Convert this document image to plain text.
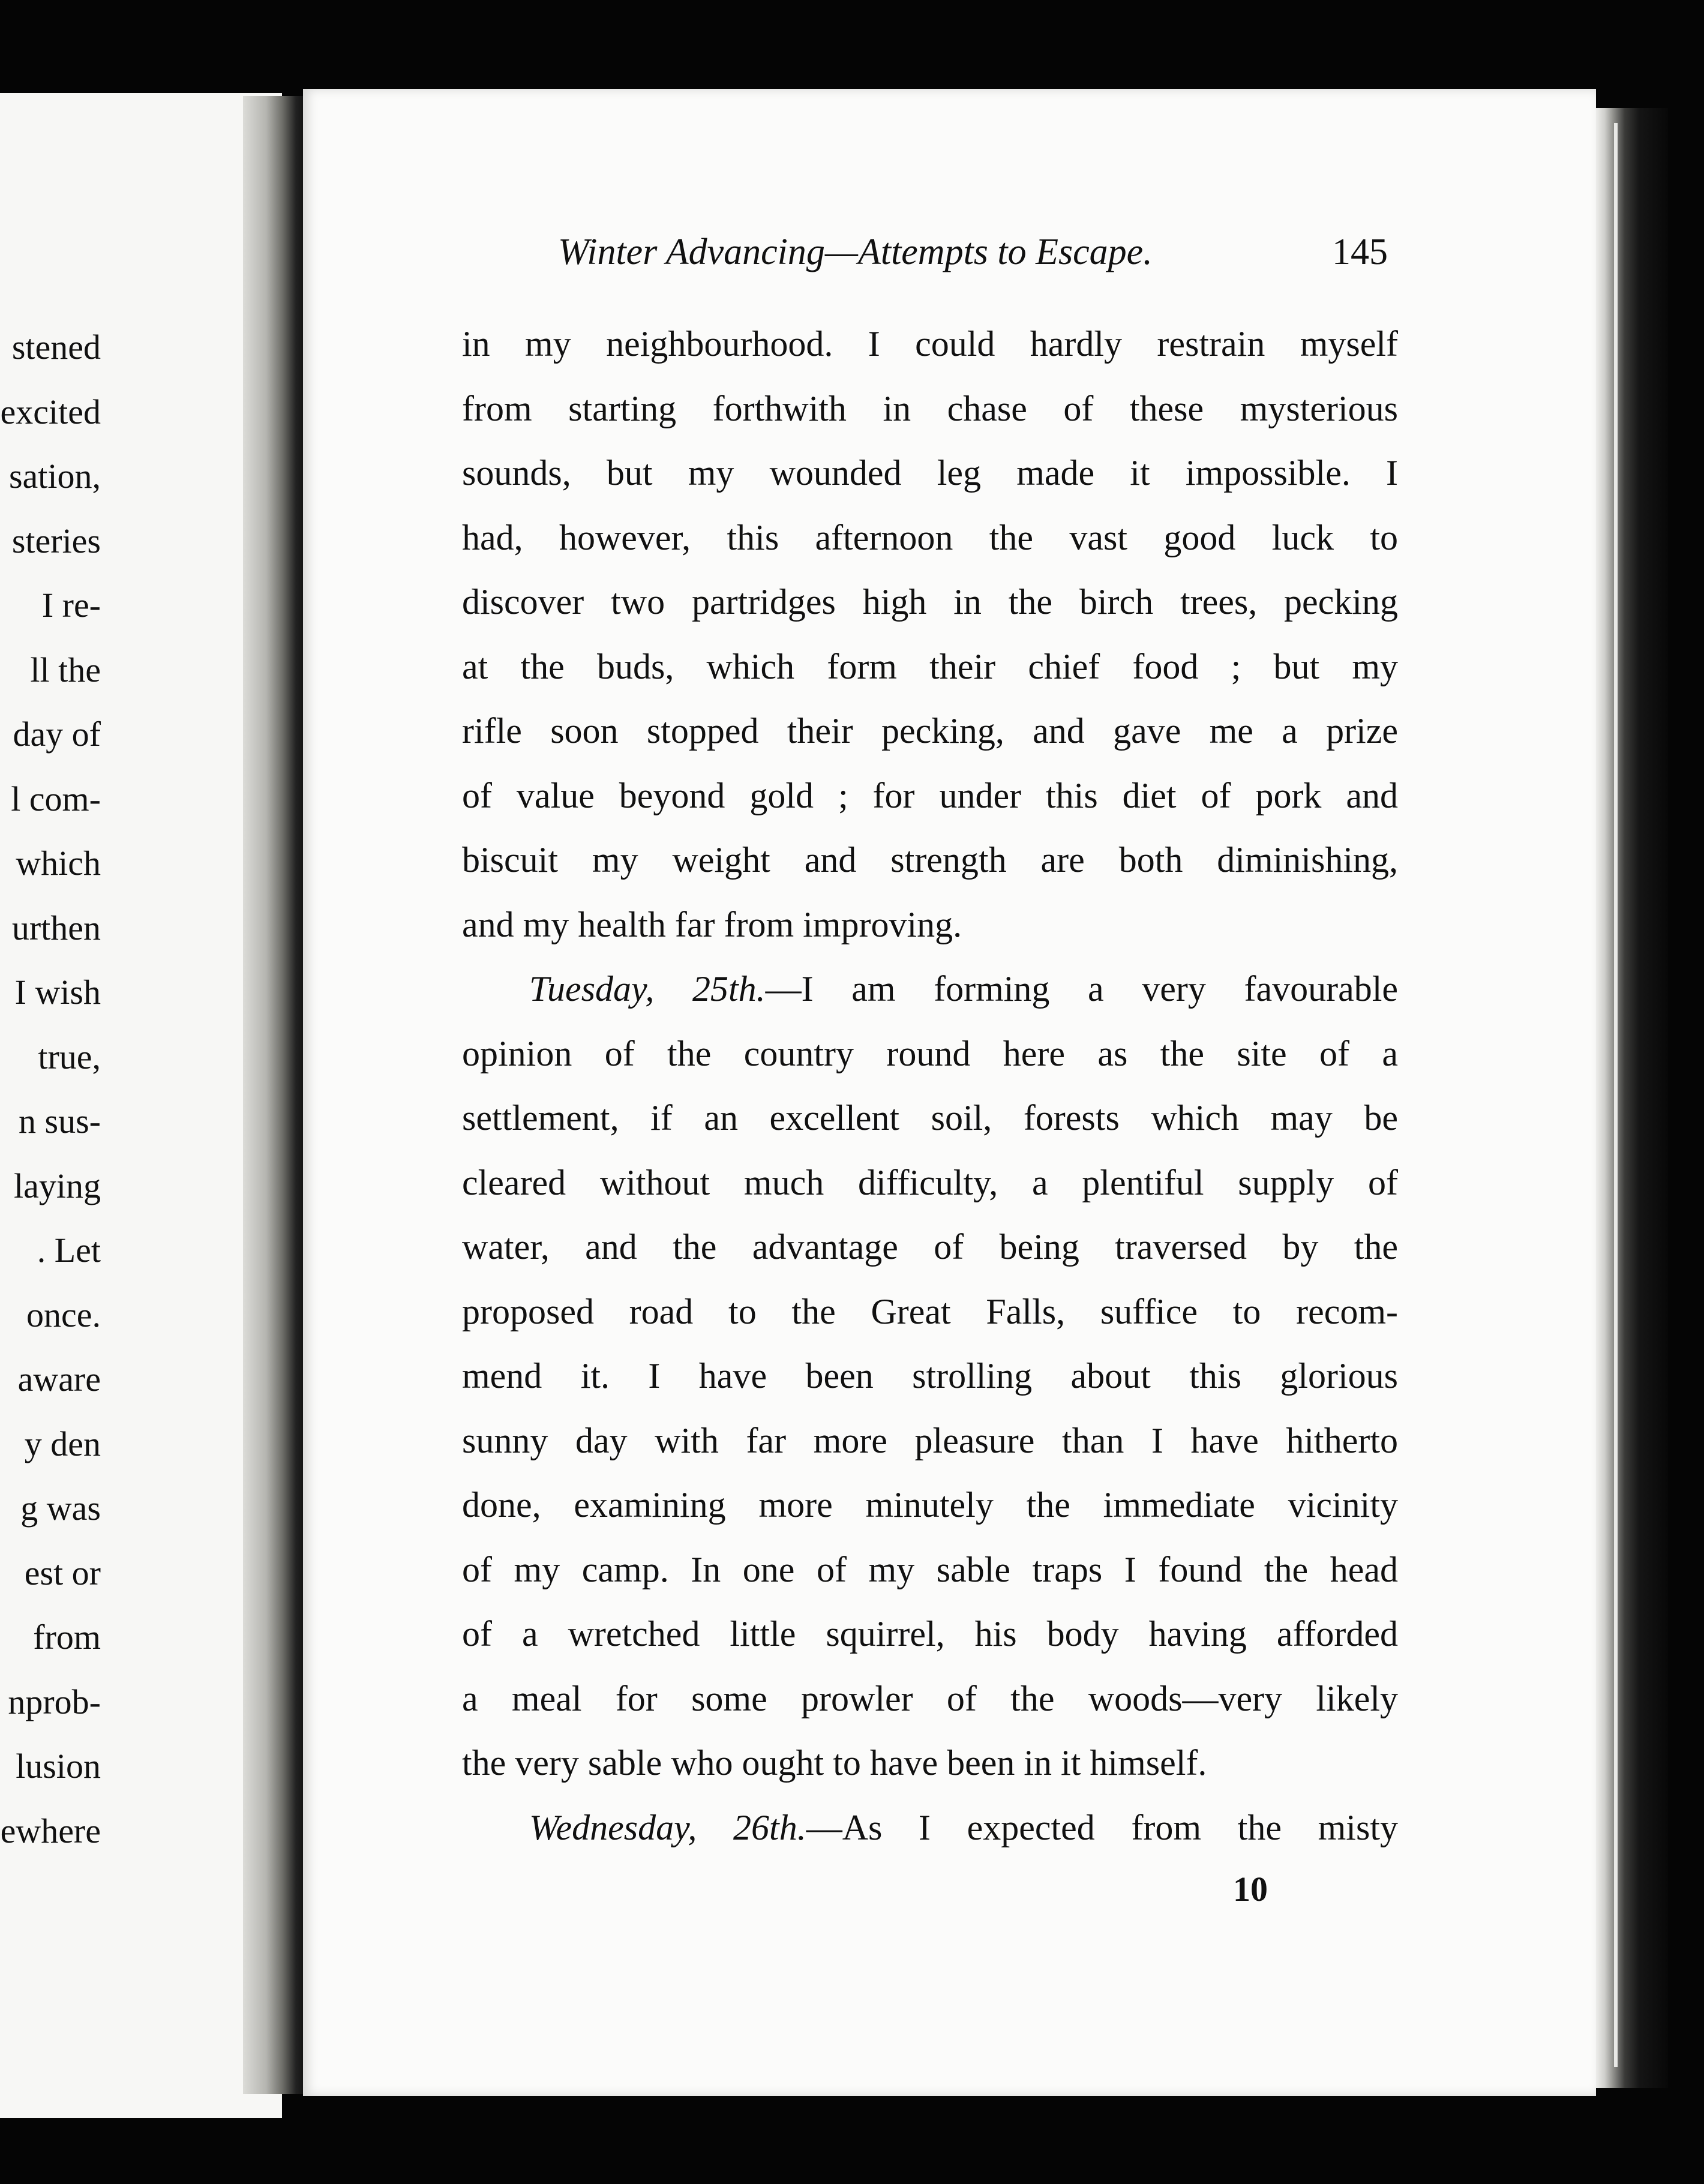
stened
excited
sation,
steries
I re-
ll the
day of
l com-
which
urthen
I wish
true,
n sus-
laying
. Let
once.
aware
y den
g was
est or
from
nprob-
lusion
ewhere
Winter Advancing—Attempts to Escape.	145
in my neighbourhood. I could hardly restrain myself
from starting forthwith in chase of these mysterious
sounds, but my wounded leg made it impossible. I
had, however, this afternoon the vast good luck to
discover two partridges high in the birch trees, pecking
at the buds, which form their chief food ; but my
rifle soon stopped their pecking, and gave me a prize
of value beyond gold ; for under this diet of pork and
biscuit my weight and strength are both diminishing,
and my health far from improving.
Tuesday, 25th.—I am forming a very favourable
opinion of the country round here as the site of a
settlement, if an excellent soil, forests which may be
cleared without much difficulty, a plentiful supply of
water, and the advantage of being traversed by the
proposed road to the Great Falls, suffice to recom-
mend it. I have been strolling about this glorious
sunny day with far more pleasure than I have hitherto
done, examining more minutely the immediate vicinity
of my camp. In one of my sable traps I found the head
of a wretched little squirrel, his body having afforded
a meal for some prowler of the woods—very likely
the very sable who ought to have been in it himself.
Wednesday, 26th.—As I expected from the misty
10
